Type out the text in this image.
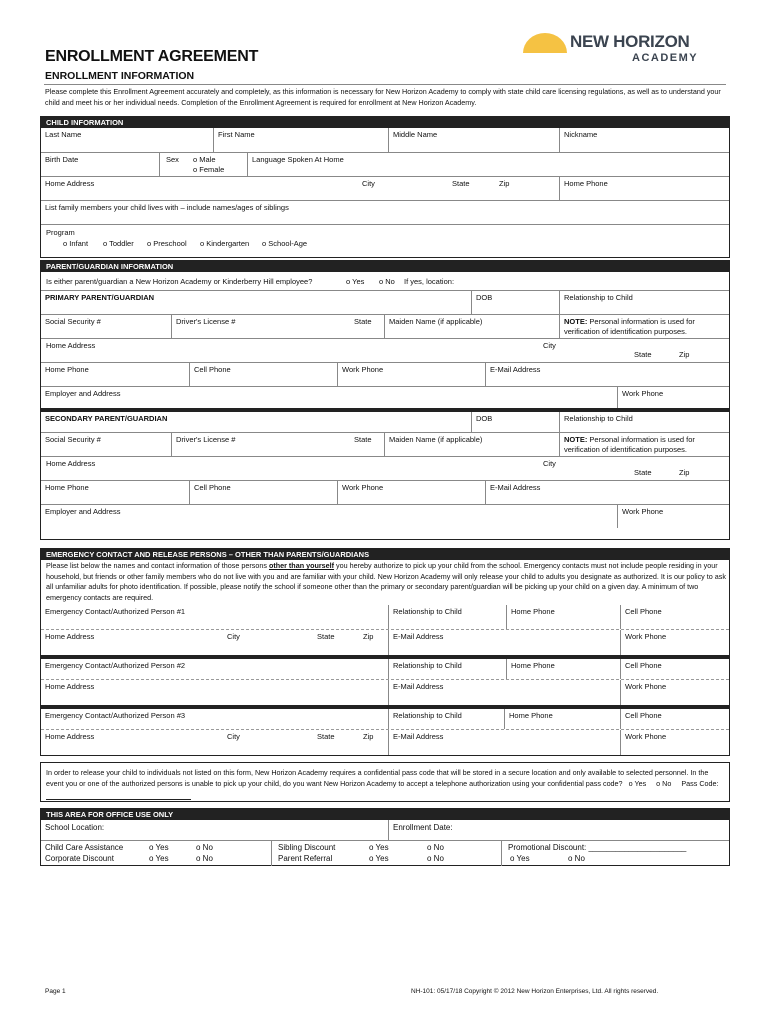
ENROLLMENT AGREEMENT
ENROLLMENT INFORMATION
Please complete this Enrollment Agreement accurately and completely, as this information is necessary for New Horizon Academy to comply with state child care licensing regulations, as well as to understand your child and meet his or her individual needs. Completion of the Enrollment Agreement is required for enrollment at New Horizon Academy.
NEW HORIZON
ACADEMY
CHILD INFORMATION
Last Name	First Name	Middle Name	Nickname
Birth Date	Sex	o Male
o Female
Language Spoken At Home
Home Address	City	State	Zip	Home Phone
List family members your child lives with – include names/ages of siblings
Program
o Infant	o Toddler	o Preschool	o Kindergarten	o School-Age
PARENT/GUARDIAN INFORMATION
Is either parent/guardian a New Horizon Academy or Kinderberry Hill employee?	o Yes	o No If yes, location:
PRIMARY PARENT/GUARDIAN	DOB	Relationship to Child
Social Security #	Driver's License #	State	Maiden Name (if applicable)	NOTE: Personal information is used for verification of identification purposes.
Home Address	City
State	Zip
Home Phone	Cell Phone	Work Phone	E-Mail Address
Employer and Address	Work Phone
SECONDARY PARENT/GUARDIAN	DOB	Relationship to Child
Social Security #	Driver's License #	State	Maiden Name (if applicable)	NOTE: Personal information is used for verification of identification purposes.
Home Address	City
State	Zip
Home Phone	Cell Phone	Work Phone	E-Mail Address
Employer and Address	Work Phone
EMERGENCY CONTACT AND RELEASE PERSONS – OTHER THAN PARENTS/GUARDIANS
Please list below the names and contact information of those persons other than yourself you hereby authorize to pick up your child from the school. Emergency contacts must not include people residing in your household, but friends or other family members who do not live with you and are familiar with your child. New Horizon Academy will only release your child to adults you designate as authorized. It is our policy to ask all unfamiliar adults for photo identification. If possible, please notify the school if someone other than the primary or secondary parent/guardian will be picking up your child on a given day. A minimum of two emergency contacts are required.
Emergency Contact/Authorized Person #1	Relationship to Child	Home Phone	Cell Phone
Home Address	City	State	Zip	E-Mail Address	Work Phone
Emergency Contact/Authorized Person #2	Relationship to Child	Home Phone	Cell Phone
Home Address	E-Mail Address	Work Phone
Emergency Contact/Authorized Person #3	Relationship to Child	Home Phone	Cell Phone
Home Address	City	State	Zip	E-Mail Address	Work Phone
In order to release your child to individuals not listed on this form, New Horizon Academy requires a confidential pass code that will be stored in a secure location and only available to selected personnel. In the event you or one of the authorized persons is unable to pick up your child, do you want New Horizon Academy to accept a telephone authorization using your confidential pass code? o Yes o No Pass Code:
THIS AREA FOR OFFICE USE ONLY
School Location:	Enrollment Date:
Child Care Assistance	o Yes	o No
Corporate Discount	o Yes	o No
Sibling Discount	o Yes	o No
Parent Referral	o Yes	o No
Promotional Discount: ______________________
o Yes	o No
Page 1	NH-101: 05/17/18 Copyright © 2012 New Horizon Enterprises, Ltd. All rights reserved.
